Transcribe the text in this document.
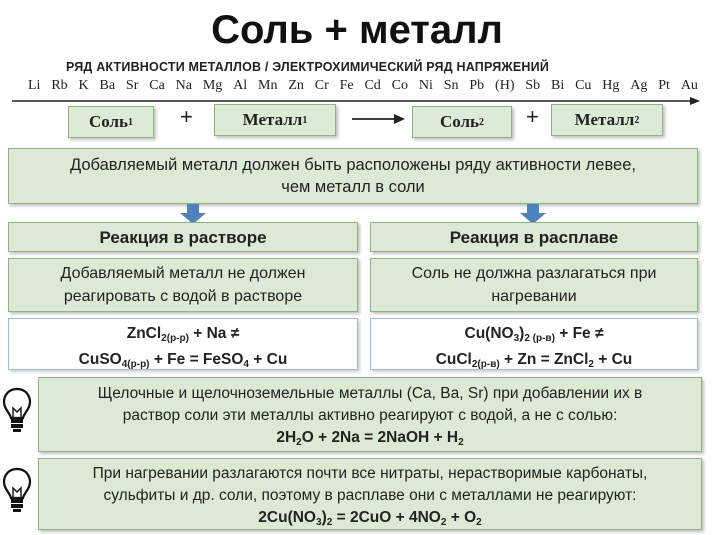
Соль + металл
РЯД АКТИВНОСТИ МЕТАЛЛОВ / ЭЛЕКТРОХИМИЧЕСКИЙ РЯД НАПРЯЖЕНИЙ
Li Rb K Ba Sr Ca Na Mg Al Mn Zn Cr Fe Cd Co Ni Sn Pb (H) Sb Bi Cu Hg Ag Pt Au
Соль 1 +	Металл 1	Соль 2 + Металл 2
Добавляемый металл должен быть расположены ряду активности левее,
чем металл в соли
Реакция в растворе	Реакция в расплаве
Добавляемый металл не должен
реагировать с водой в растворе
Соль не должна разлагаться при
нагревании
ZnCl$_{2(р-р)}$ + Na ≠
CuSO$_{4(р-р)}$ + Fe = FeSO$_4$ + Cu
$Cu(NO_3)_{2 (р-в)} + Fe$ ≠
CuCl$_{2(р-в)}$ + Zn = ZnCl$_2$ + Cu
Щелочные и щелочноземельные металлы (Ca, Ba, Sr) при добавлении их в
раствор соли эти металлы активно реагируют с водой, а не с солью:
$2H_2O + 2Na$ = 2NaOH + $H_2$
При нагревании разлагаются почти все нитраты, нерастворимые карбонаты,
сульфиты и др. соли, поэтому в расплаве они с металлами не реагируют:
$2Cu(NO_3)_2 = 2CuO + 4NO_2 + O_2$
